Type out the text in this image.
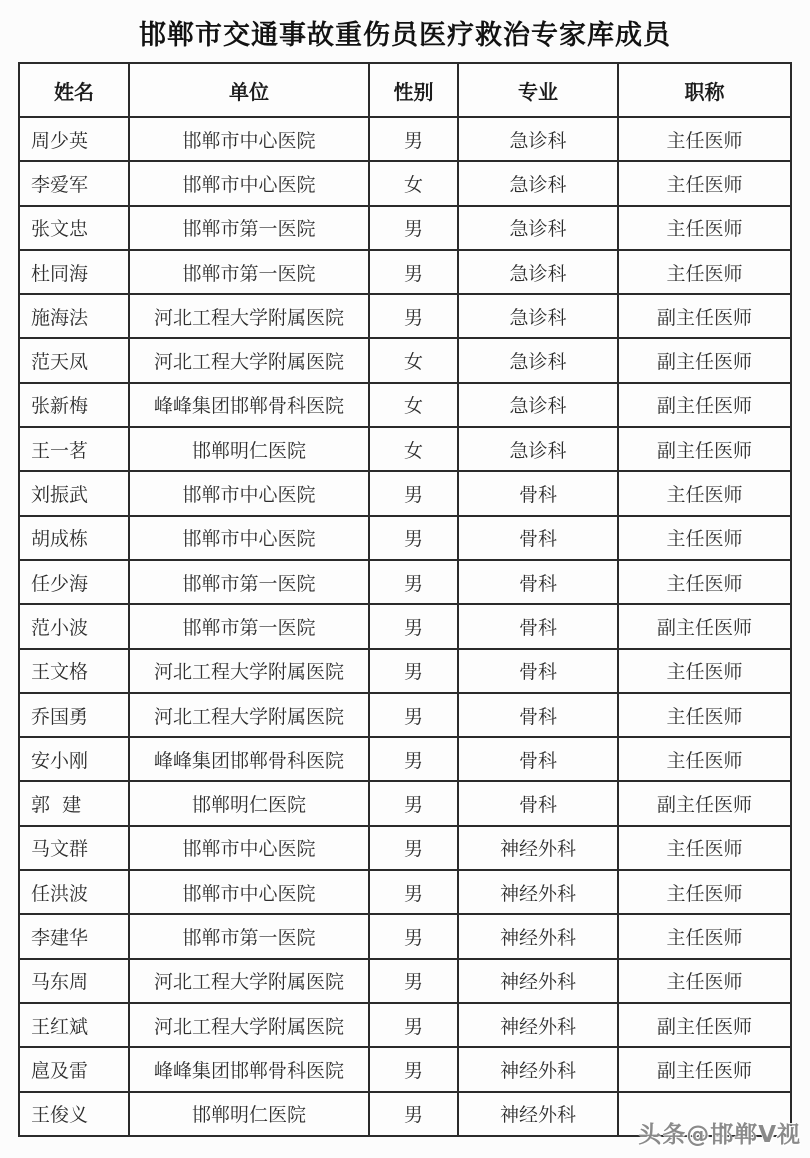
邯郸市交通事故重伤员医疗救治专家库成员
姓名	单位	性别	专业	职称
周少英	邯郸市中心医院	男	急诊科	主任医师
李爱军	邯郸市中心医院	女	急诊科	主任医师
张文忠	邯郸市第一医院	男	急诊科	主任医师
杜同海	邯郸市第一医院	男	急诊科	主任医师
施海法	河北工程大学附属医院	男	急诊科	副主任医师
范天凤	河北工程大学附属医院	女	急诊科	副主任医师
张新梅	峰峰集团邯郸骨科医院	女	急诊科	副主任医师
王一茗	邯郸明仁医院	女	急诊科	副主任医师
刘振武	邯郸市中心医院	男	骨科	主任医师
胡成栋	邯郸市中心医院	男	骨科	主任医师
任少海	邯郸市第一医院	男	骨科	主任医师
范小波	邯郸市第一医院	男	骨科	副主任医师
王文格	河北工程大学附属医院	男	骨科	主任医师
乔国勇	河北工程大学附属医院	男	骨科	主任医师
安小刚	峰峰集团邯郸骨科医院	男	骨科	主任医师
郭  建	邯郸明仁医院	男	骨科	副主任医师
马文群	邯郸市中心医院	男	神经外科	主任医师
任洪波	邯郸市中心医院	男	神经外科	主任医师
李建华	邯郸市第一医院	男	神经外科	主任医师
马东周	河北工程大学附属医院	男	神经外科	主任医师
王红斌	河北工程大学附属医院	男	神经外科	副主任医师
扈及雷	峰峰集团邯郸骨科医院	男	神经外科	副主任医师
王俊义	邯郸明仁医院	男	神经外科	
头条@邯郸V视
